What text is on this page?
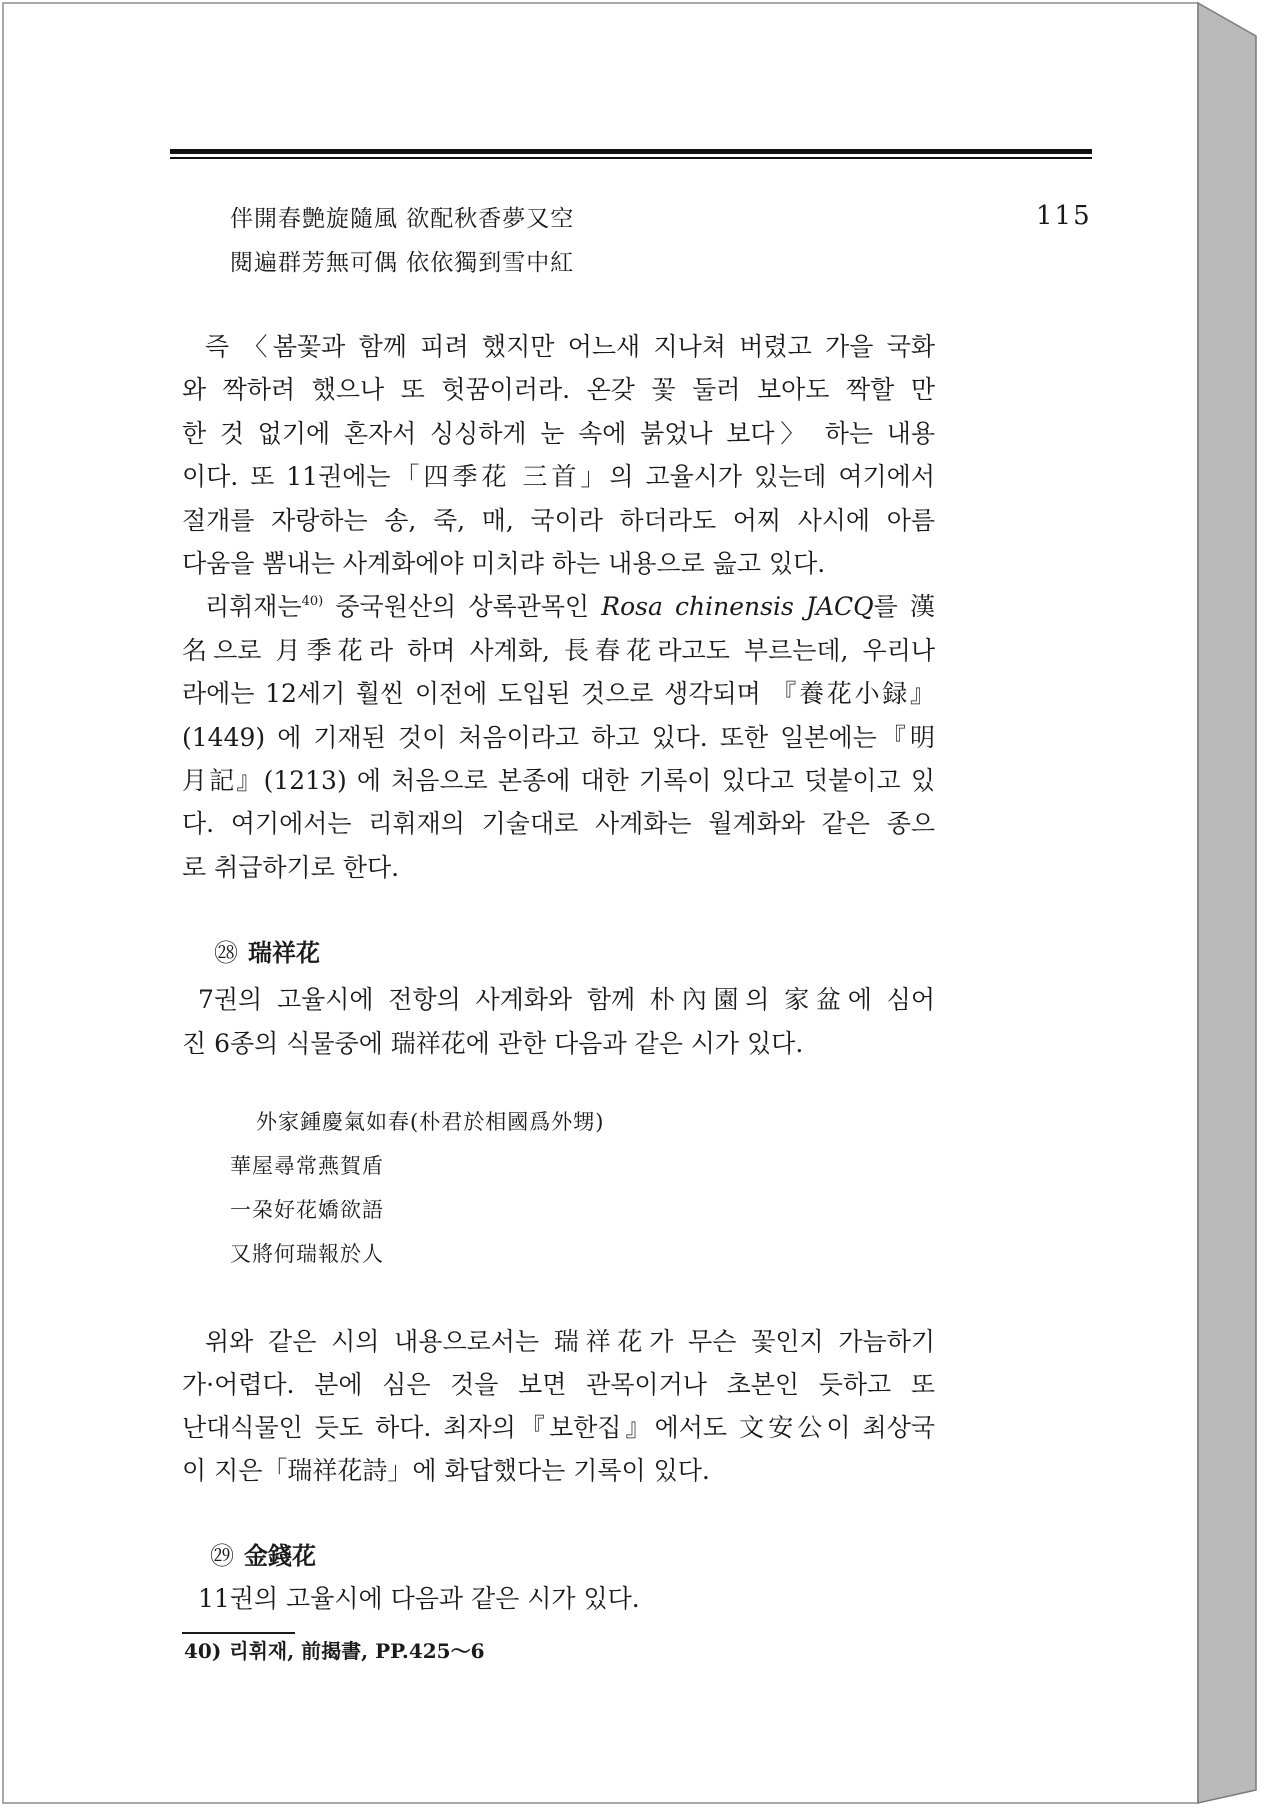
115
伴開春艶旋隨風 欲配秋香夢又空
閱遍群芳無可偶 依依獨到雪中紅
즉 〈봄꽃과 함께 피려 했지만 어느새 지나쳐 버렸고 가을 국화
와 짝하려 했으나 또 헛꿈이러라. 온갖 꽃 둘러 보아도 짝할 만
한 것 없기에 혼자서 싱싱하게 눈 속에 붉었나 보다〉 하는 내용
이다. 또 11권에는「四季花 三首」의 고율시가 있는데 여기에서
절개를 자랑하는 송, 죽, 매, 국이라 하더라도 어찌 사시에 아름
다움을 뽐내는 사계화에야 미치랴 하는 내용으로 읊고 있다.
리휘재는$^{40)}$ 중국원산의 상록관목인 Rosa chinensis JACQ를 漢
名으로 月季花라 하며 사계화, 長春花라고도 부르는데, 우리나
라에는 12세기 훨씬 이전에 도입된 것으로 생각되며 『養花小録』
(1449) 에 기재된 것이 처음이라고 하고 있다. 또한 일본에는『明
月記』(1213) 에 처음으로 본종에 대한 기록이 있다고 덧붙이고 있
다. 여기에서는 리휘재의 기술대로 사계화는 월계화와 같은 종으
로 취급하기로 한다.
㉘ 瑞祥花
7권의 고율시에 전항의 사계화와 함께 朴內園의 家盆에 심어
진 6종의 식물중에 瑞祥花에 관한 다음과 같은 시가 있다.
外家鍾慶氣如春(朴君於相國爲外甥)
華屋尋常燕賀盾
一朶好花嬌欲語
又將何瑞報於人
위와 같은 시의 내용으로서는 瑞祥花가 무슨 꽃인지 가늠하기
가·어렵다. 분에 심은 것을 보면 관목이거나 초본인 듯하고 또
난대식물인 듯도 하다. 최자의『보한집』에서도 文安公이 최상국
이 지은「瑞祥花詩」에 화답했다는 기록이 있다.
㉙ 金錢花
11권의 고율시에 다음과 같은 시가 있다.
40) 리휘재, 前揭書, PP.425～6
